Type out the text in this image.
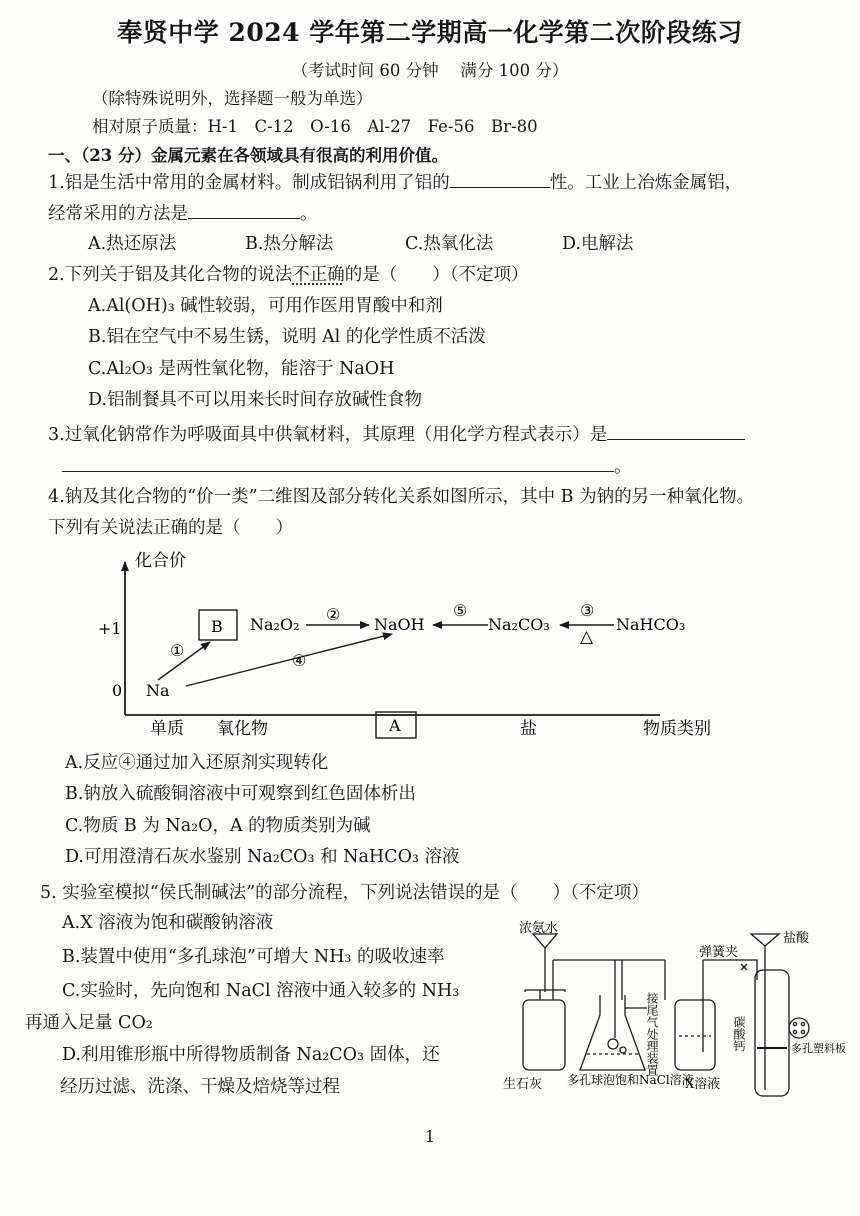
奉贤中学 2024 学年第二学期高一化学第二次阶段练习
（考试时间 60 分钟　 满分 100 分）
（除特殊说明外，选择题一般为单选）
相对原子质量：H-1　C-12　O-16　Al-27　Fe-56　Br-80
一、（23 分）金属元素在各领域具有很高的利用价值。
1.铝是生活中常用的金属材料。制成铝锅利用了铝的	性。工业上冶炼金属铝，
经常采用的方法是	。
A.热还原法	B.热分解法	C.热氧化法	D.电解法
2.下列关于铝及其化合物的说法不正确的是（　　）（不定项）
A.Al(OH)₃ 碱性较弱，可用作医用胃酸中和剂
B.铝在空气中不易生锈，说明 Al 的化学性质不活泼
C.Al₂O₃ 是两性氧化物，能溶于 NaOH
D.铝制餐具不可以用来长时间存放碱性食物
3.过氧化钠常作为呼吸面具中供氧材料，其原理（用化学方程式表示）是
。
4.钠及其化合物的“价一类”二维图及部分转化关系如图所示，其中 B 为钠的另一种氧化物。
下列有关说法正确的是（　　）
化合价
+1
0
单质 氧化物	A	盐	物质类别
B Na₂O₂	NaOH	Na₂CO₃	NaHCO₃
Na
①
②	③
④
⑤
△
A.反应④通过加入还原剂实现转化
B.钠放入硫酸铜溶液中可观察到红色固体析出
C.物质 B 为 Na₂O，A 的物质类别为碱
D.可用澄清石灰水鉴别 Na₂CO₃ 和 NaHCO₃ 溶液
5. 实验室模拟“侯氏制碱法”的部分流程，下列说法错误的是（　　）（不定项）
A.X 溶液为饱和碳酸钠溶液
B.装置中使用“多孔球泡”可增大 NH₃ 的吸收速率
C.实验时，先向饱和 NaCl 溶液中通入较多的 NH₃
再通入足量 CO₂
D.利用锥形瓶中所得物质制备 Na₂CO₃ 固体，还
经历过滤、洗涤、干燥及焙烧等过程
浓氨水
弹簧夹
盐酸
接尾气处理装置	碳酸钙	多孔塑料板
生石灰 多孔球泡 饱和NaCl溶液
X溶液
1
